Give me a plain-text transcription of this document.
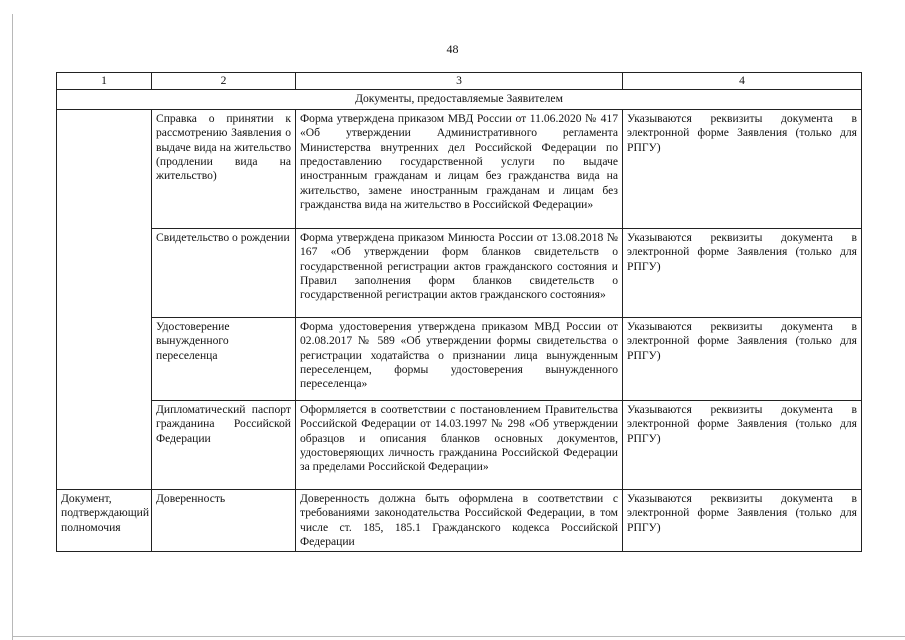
48
1	2	3	4
Документы, предоставляемые Заявителем			
	Справка о принятии к рассмотрению Заявления о выдаче вида на жительство (продлении вида на жительство)	Форма утверждена приказом МВД России от 11.06.2020 № 417 «Об утверждении Административного регламента Министерства внутренних дел Российской Федерации по предоставлению государственной услуги по выдаче иностранным гражданам и лицам без гражданства вида на жительство, замене иностранным гражданам и лицам без гражданства вида на жительство в Российской Федерации»	Указываются реквизиты документа в электронной форме Заявления (только для РПГУ)
	Свидетельство о рождении	Форма утверждена приказом Минюста России от 13.08.2018 № 167 «Об утверждении форм бланков свидетельств о государственной регистрации актов гражданского состояния и Правил заполнения форм бланков свидетельств о государственной регистрации актов гражданского состояния»	Указываются реквизиты документа в электронной форме Заявления (только для РПГУ)
	Удостоверение вынужденного переселенца	Форма удостоверения утверждена приказом МВД России от 02.08.2017 № 589 «Об утверждении формы свидетельства о регистрации ходатайства о признании лица вынужденным переселенцем, формы удостоверения вынужденного переселенца»	Указываются реквизиты документа в электронной форме Заявления (только для РПГУ)
	Дипломатический паспорт гражданина Российской Федерации	Оформляется в соответствии с постановлением Правительства Российской Федерации от 14.03.1997 № 298 «Об утверждении образцов и описания бланков основных документов, удостоверяющих личность гражданина Российской Федерации за пределами Российской Федерации»	Указываются реквизиты документа в электронной форме Заявления (только для РПГУ)
Документ, подтверждающий полномочия	Доверенность	Доверенность должна быть оформлена в соответствии с требованиями законодательства Российской Федерации, в том числе ст. 185, 185.1 Гражданского кодекса Российской Федерации	Указываются реквизиты документа в электронной форме Заявления (только для РПГУ)
